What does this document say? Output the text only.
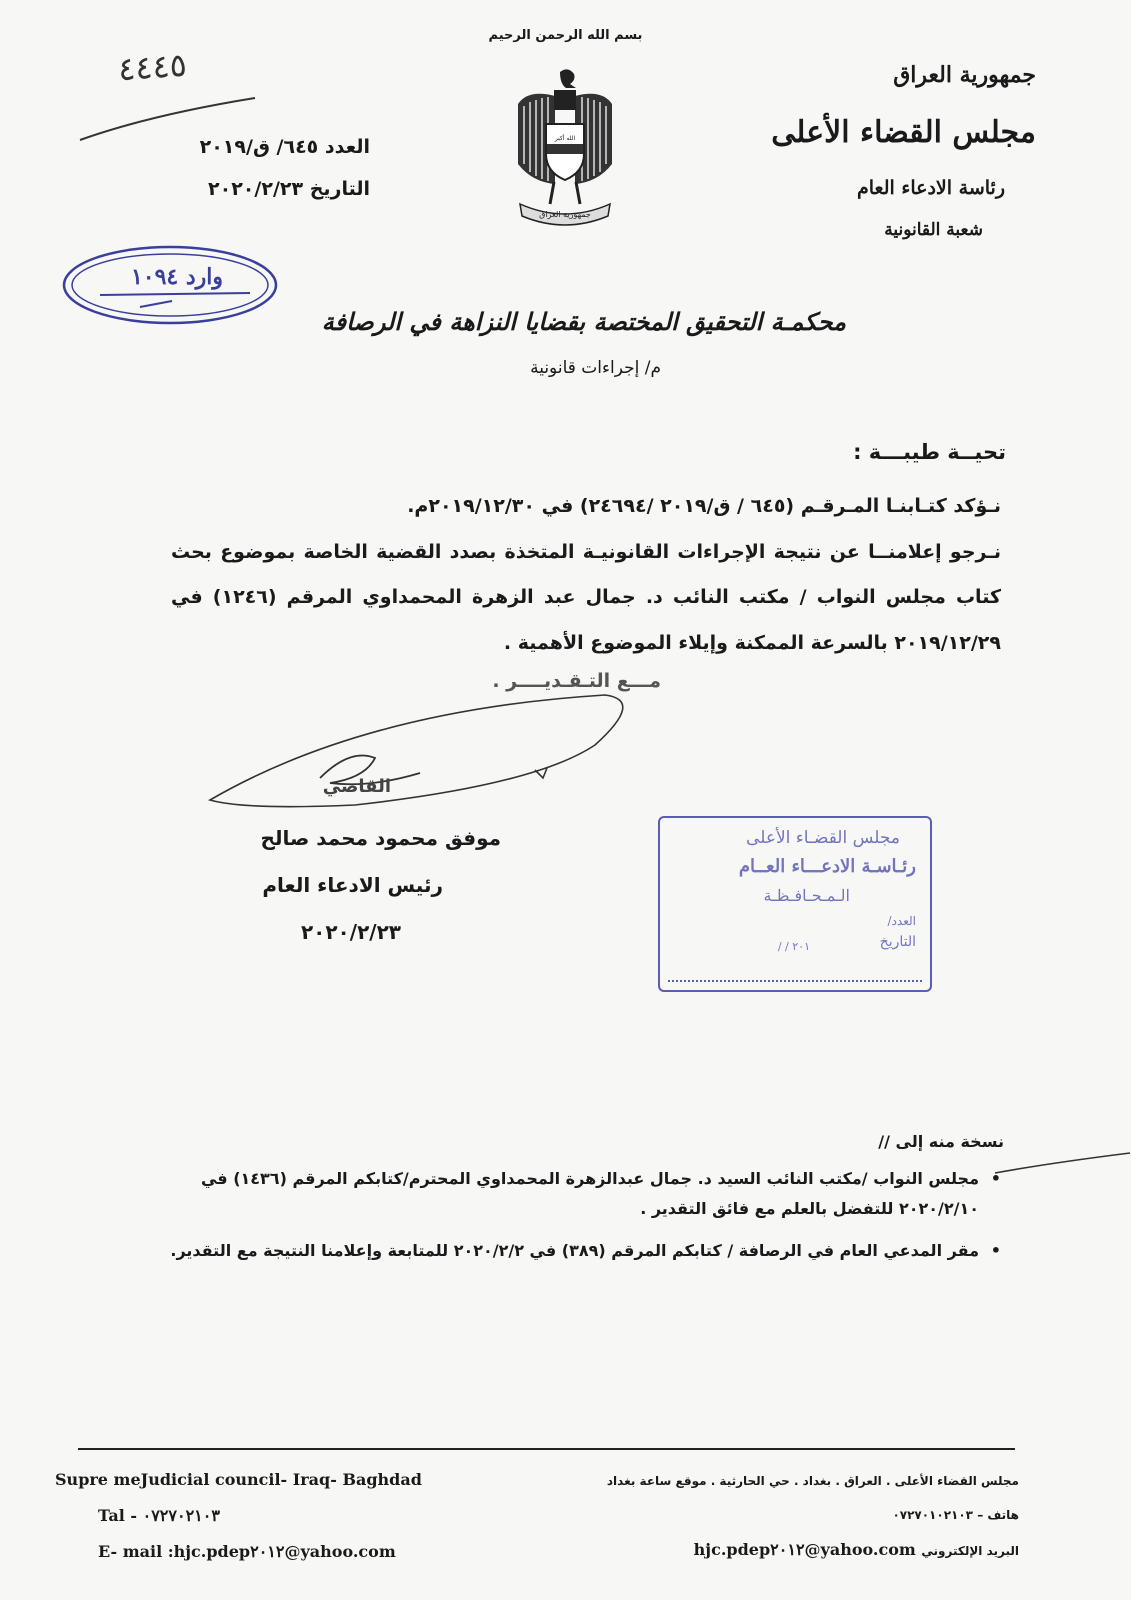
بسم الله الرحمن الرحيم
جمهورية العراق
مجلس القضاء الأعلى
رئاسة الادعاء العام
شعبة القانونية
العدد ٦٤٥/ ق/٢٠١٩
التاريخ ٢٠٢٠/٢/٢٣
٤٤٤٥
الله أكبر
جمهورية العراق
وارد ١٠٩٤
محكمـة التحقيق المختصة بقضايا النزاهة في الرصافة
م/ إجراءات قانونية
تحيــة طيبـــة :

نـؤكد كتـابنـا المـرقـم (٦٤٥ / ق/٢٠١٩ /٢٤٦٩٤) في ٢٠١٩/١٢/٣٠م.

نـرجو إعلامنــا عن نتيجة الإجراءات القانونيـة المتخذة بصدد القضية الخاصة بموضوع بحث كتاب مجلس النواب / مكتب النائب د. جمال عبد الزهرة المحمداوي المرقم (١٢٤٦) في ٢٠١٩/١٢/٢٩ بالسرعة الممكنة وإيلاء الموضوع الأهمية .

مـــع التـقـديــــر .
القاضي
موفق محمود محمد صالح
رئيس الادعاء العام
٢٠٢٠/٢/٢٣
مجلس القضـاء الأعلى
رئـاسـة الادعـــاء العــام
الـمـحـافـظـة
العدد/
التاريخ
٢٠١ / /
نسخة منه إلى //
• مجلس النواب /مكتب النائب السيد د. جمال عبدالزهرة المحمداوي المحترم/كتابكم المرقم (١٤٣٦) في ٢٠٢٠/٢/١٠ للتفضل بالعلم مع فائق التقدير .
• مقر المدعي العام في الرصافة / كتابكم المرقم (٣٨٩) في ٢٠٢٠/٢/٢ للمتابعة وإعلامنا النتيجة مع التقدير.
Supre meJudicial council- Iraq- Baghdad
Tal - ٠٧٢٧٠٢١٠٣
E- mail :hjc.pdep٢٠١٢@yahoo.com
مجلس القضاء الأعلى . العراق . بغداد . حي الحارثية . موقع ساعة بغداد
هاتف – ٠٧٢٧٠١٠٢١٠٣
البريد الإلكتروني hjc.pdep٢٠١٢@yahoo.com
